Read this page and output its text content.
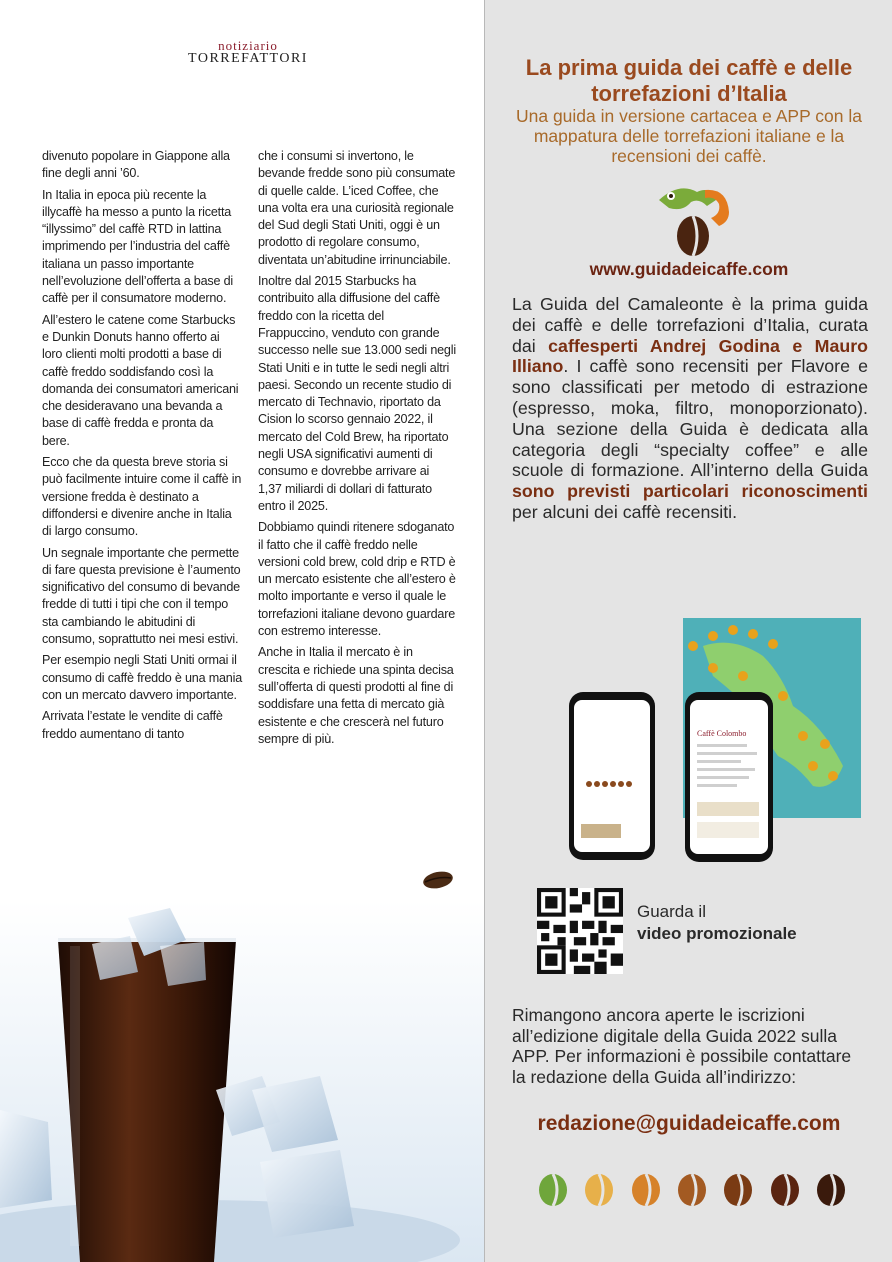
notiziario
TORREFATTORI

divenuto popolare in Giappone alla fine degli anni ’60.

In Italia in epoca più recente la illycaffè ha messo a punto la ricetta “illyssimo” del caffè RTD in lattina imprimendo per l’industria del caffè italiana un passo importante nell’evoluzione dell’offerta a base di caffè per il consumatore moderno.

All’estero le catene come Starbucks e Dunkin Donuts hanno offerto ai loro clienti molti prodotti a base di caffè freddo soddisfando così la domanda dei consumatori americani che desideravano una bevanda a base di caffè fredda e pronta da bere.

Ecco che da questa breve storia si può facilmente intuire come il caffè in versione fredda è destinato a diffondersi e divenire anche in Italia di largo consumo.

Un segnale importante che permette di fare questa previsione è l’aumento significativo del consumo di bevande fredde di tutti i tipi che con il tempo sta cambiando le abitudini di consumo, soprattutto nei mesi estivi.

Per esempio negli Stati Uniti ormai il consumo di caffè freddo è una mania con un mercato davvero importante.

Arrivata l’estate le vendite di caffè freddo aumentano di tanto

che i consumi si invertono, le bevande fredde sono più consumate di quelle calde. L’iced Coffee, che una volta era una curiosità regionale del Sud degli Stati Uniti, oggi è un prodotto di regolare consumo, diventata un’abitudine irrinunciabile.

Inoltre dal 2015 Starbucks ha contribuito alla diffusione del caffè freddo con la ricetta del Frappuccino, venduto con grande successo nelle sue 13.000 sedi negli Stati Uniti e in tutte le sedi negli altri paesi. Secondo un recente studio di mercato di Technavio, riportato da Cision lo scorso gennaio 2022, il mercato del Cold Brew, ha riportato negli USA significativi aumenti di consumo e dovrebbe arrivare ai 1,37 miliardi di dollari di fatturato entro il 2025.

Dobbiamo quindi ritenere sdoganato il fatto che il caffè freddo nelle versioni cold brew, cold drip e RTD è un mercato esistente che all’estero è molto importante e verso il quale le torrefazioni italiane devono guardare con estremo interesse.

Anche in Italia il mercato è in crescita e richiede una spinta decisa sull’offerta di questi prodotti al fine di soddisfare una fetta di mercato già esistente e che crescerà nel futuro sempre di più.

La prima guida dei caffè e delle torrefazioni d’Italia
Una guida in versione cartacea e APP con la mappatura delle torrefazioni italiane e la recensioni dei caffè.
www.guidadeicaffe.com
La Guida del Camaleonte è la prima guida dei caffè e delle torrefazioni d’Italia, curata dai caffesperti Andrej Godina e Mauro Illiano. I caffè sono recensiti per Flavore e sono classificati per metodo di estrazione (espresso, moka, filtro, monoporzionato). Una sezione della Guida è dedicata alla categoria degli “specialty coffee” e alle scuole di formazione. All’interno della Guida sono previsti particolari riconoscimenti per alcuni dei caffè recensiti.
Caffè Colombo
Guarda il
video promozionale
Rimangono ancora aperte le iscrizioni all’edizione digitale della Guida 2022 sulla APP. Per informazioni è possibile contattare la redazione della Guida all’indirizzo:
redazione@guidadeicaffe.com
